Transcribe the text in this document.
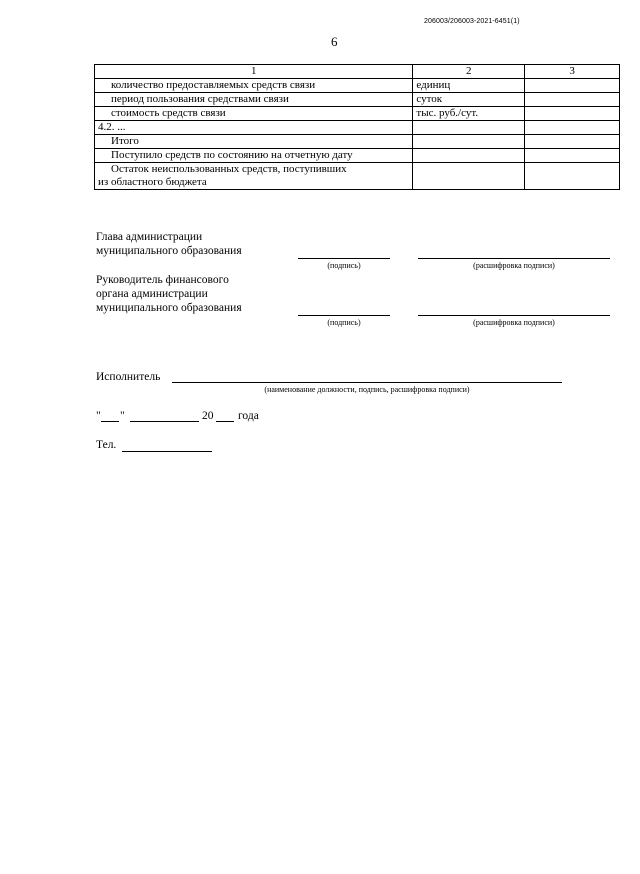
206003/206003-2021-6451(1)
6
1	2	3
количество предоставляемых средств связи	единиц	
период пользования средствами связи	суток	
стоимость средств связи	тыс. руб./сут.	
4.2. ...		
Итого		
Поступило средств по состоянию на отчетную дату		

Остаток неиспользованных средств, поступивших
из областного бюджета		

Глава администрации
муниципального образования
(подпись)	(расшифровка подписи)
Руководитель финансового
органа администрации
муниципального образования
(подпись)	(расшифровка подписи)
Исполнитель
(наименование должности, подпись, расшифровка подписи)
" "	20 года
Тел.
